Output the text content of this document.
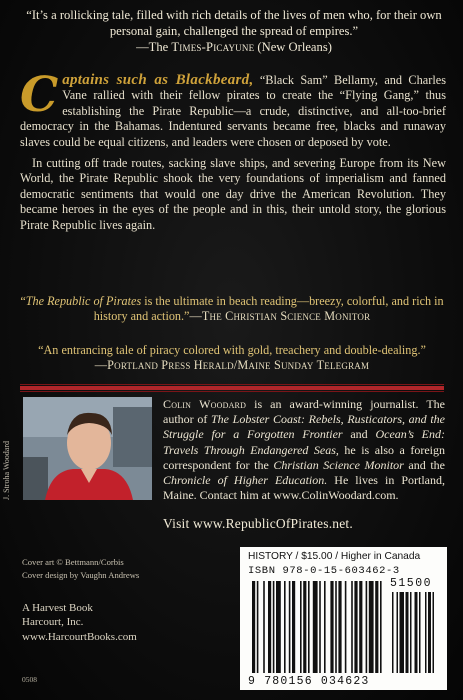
“It’s a rollicking tale, filled with rich details of the lives of men who, for their own personal gain, challenged the spread of empires.”
—The Times-Picayune (New Orleans)

Captains such as Blackbeard, “Black Sam” Bellamy, and Charles Vane rallied with their fellow pirates to create the “Flying Gang,” thus establishing the Pirate Republic—a crude, distinctive, and all-too-brief democracy in the Bahamas. Indentured servants became free, blacks and runaway slaves could be equal citizens, and leaders were chosen or deposed by vote.

In cutting off trade routes, sacking slave ships, and severing Europe from its New World, the Pirate Republic shook the very foundations of imperialism and fanned democratic sentiments that would one day drive the American Revolution. They became heroes in the eyes of the people and in this, their untold story, the glorious Pirate Republic lives again.

“The Republic of Pirates is the ultimate in beach reading—breezy, colorful, and rich in history and action.”—The Christian Science Monitor
“An entrancing tale of piracy colored with gold, treachery and double-dealing.”
—Portland Press Herald/Maine Sunday Telegram
J. Stroha Woodard
Colin Woodard is an award-winning journalist. The author of The Lobster Coast: Rebels, Rusticators, and the Struggle for a Forgotten Frontier and Ocean’s End: Travels Through Endangered Seas, he is also a foreign correspondent for the Christian Science Monitor and the Chronicle of Higher Education. He lives in Portland, Maine. Contact him at www.ColinWoodard.com.
Visit www.RepublicOfPirates.net.
Cover art © Bettmann/Corbis
Cover design by Vaughn Andrews
A Harvest Book
Harcourt, Inc.
www.HarcourtBooks.com
0508
HISTORY / $15.00 / Higher in Canada
ISBN 978-0-15-603462-3
51500
9 780156 034623
